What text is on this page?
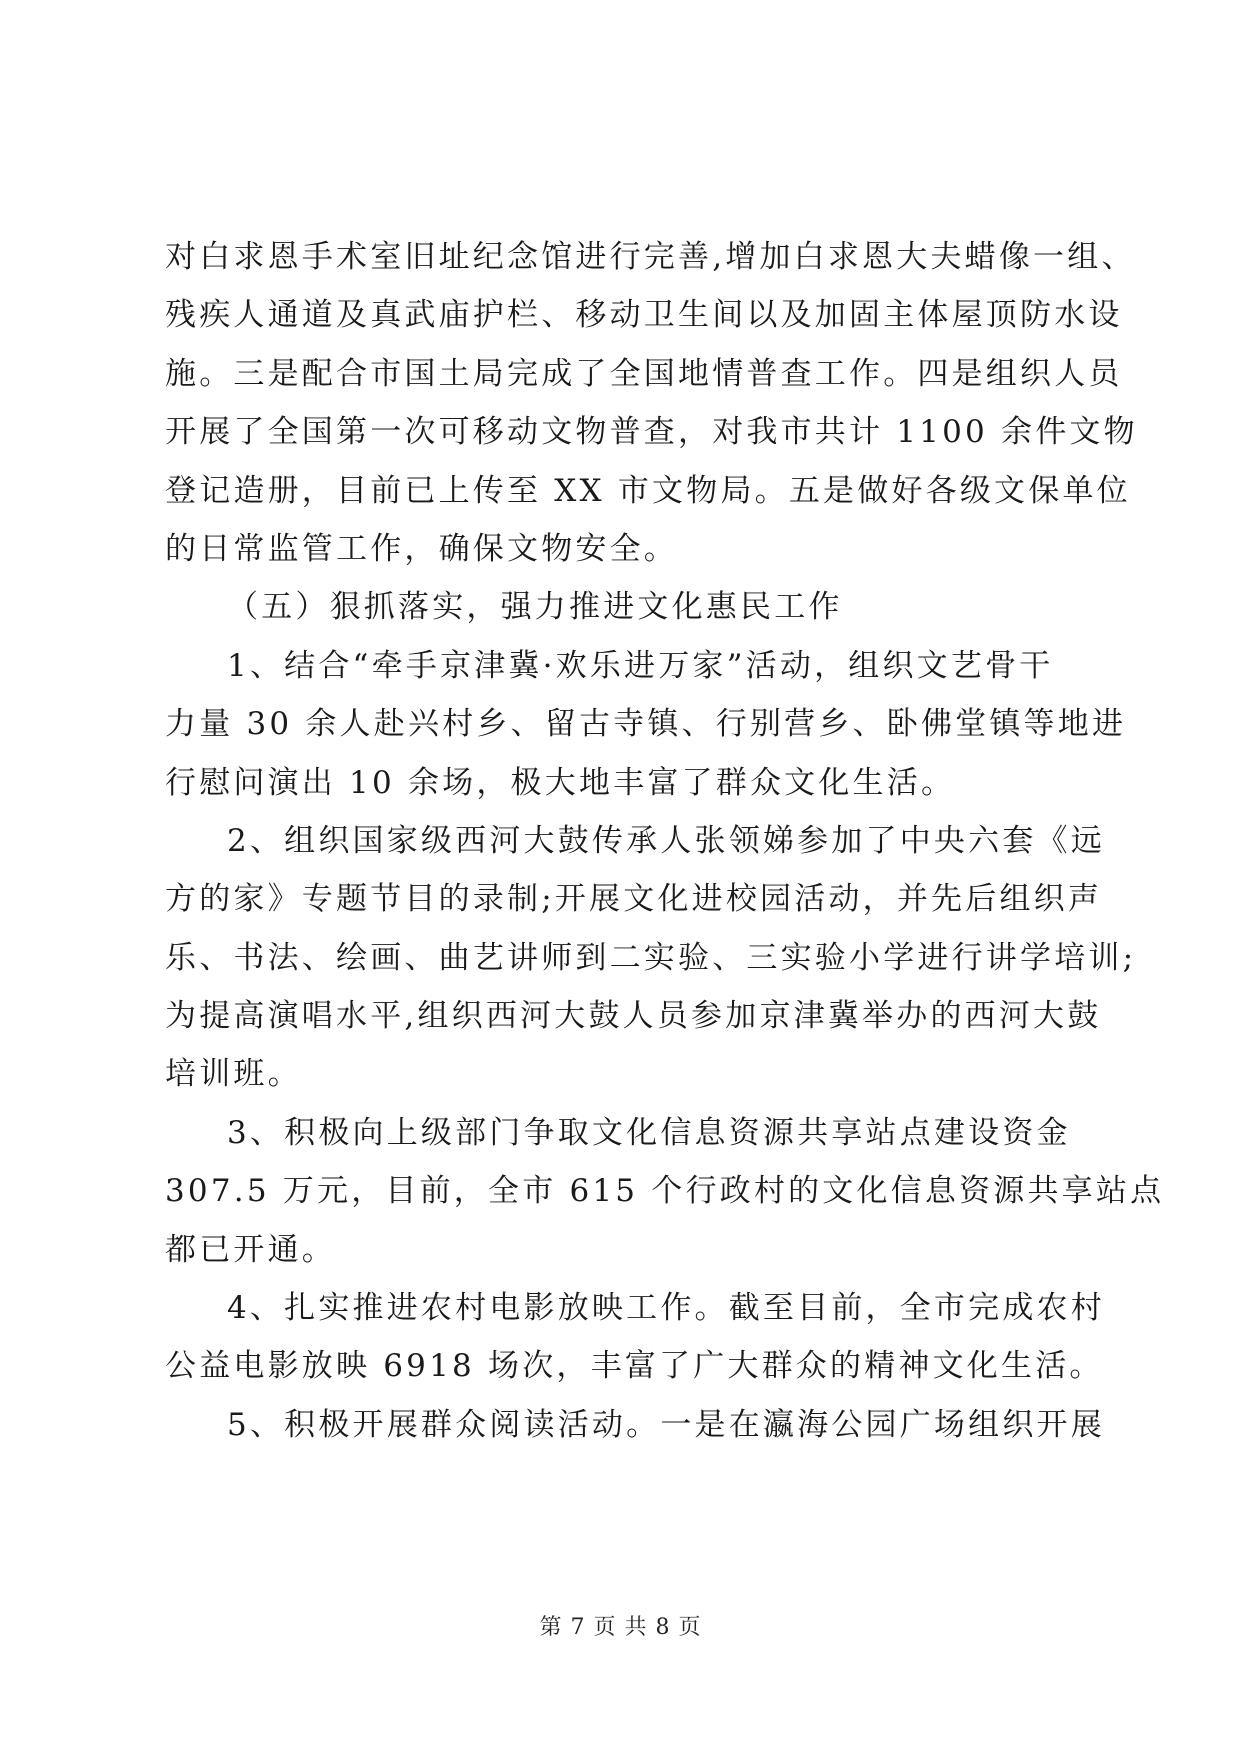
对白求恩手术室旧址纪念馆进行完善,增加白求恩大夫蜡像一组、
残疾人通道及真武庙护栏、移动卫生间以及加固主体屋顶防水设
施。三是配合市国土局完成了全国地情普查工作。四是组织人员
开展了全国第一次可移动文物普查，对我市共计 1100 余件文物
登记造册，目前已上传至 XX 市文物局。五是做好各级文保单位
的日常监管工作，确保文物安全。
（五）狠抓落实，强力推进文化惠民工作
1、结合“牵手京津冀·欢乐进万家”活动，组织文艺骨干
力量 30 余人赴兴村乡、留古寺镇、行别营乡、卧佛堂镇等地进
行慰问演出 10 余场，极大地丰富了群众文化生活。
2、组织国家级西河大鼓传承人张领娣参加了中央六套《远
方的家》专题节目的录制;开展文化进校园活动，并先后组织声
乐、书法、绘画、曲艺讲师到二实验、三实验小学进行讲学培训;
为提高演唱水平,组织西河大鼓人员参加京津冀举办的西河大鼓
培训班。
3、积极向上级部门争取文化信息资源共享站点建设资金
307.5 万元，目前，全市 615 个行政村的文化信息资源共享站点
都已开通。
4、扎实推进农村电影放映工作。截至目前，全市完成农村
公益电影放映 6918 场次，丰富了广大群众的精神文化生活。
5、积极开展群众阅读活动。一是在瀛海公园广场组织开展
第 7 页 共 8 页
